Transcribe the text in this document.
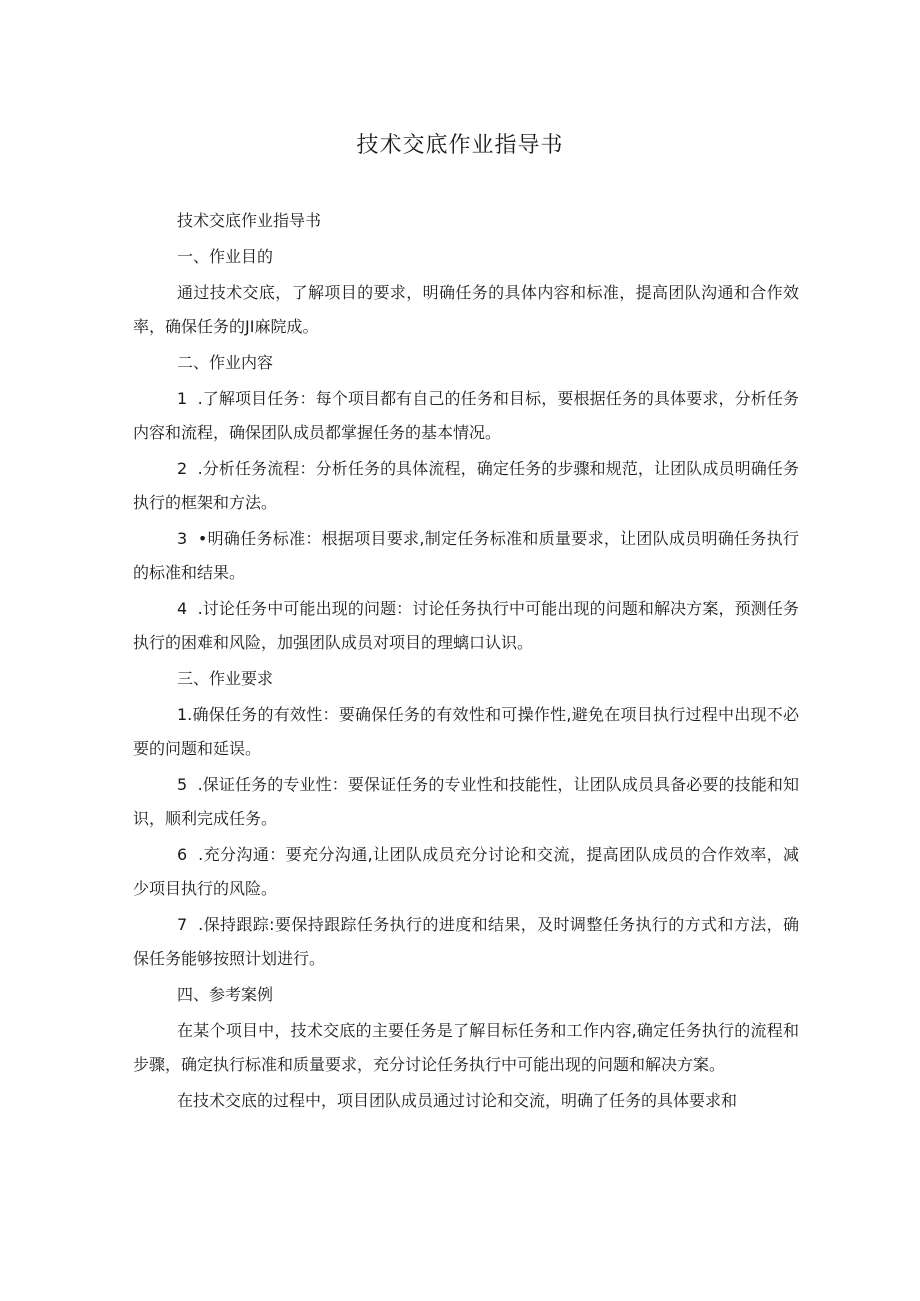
技术交底作业指导书

技术交底作业指导书

一、作业目的

通过技术交底，了解项目的要求，明确任务的具体内容和标准，提高团队沟通和合作效率，确保任务的JI麻院成。

二、作业内容

1  .了解项目任务：每个项目都有自己的任务和目标，要根据任务的具体要求，分析任务内容和流程，确保团队成员都掌握任务的基本情况。

2  .分析任务流程：分析任务的具体流程，确定任务的步骤和规范，让团队成员明确任务执行的框架和方法。

3  •明确任务标准：根据项目要求,制定任务标准和质量要求，让团队成员明确任务执行的标准和结果。

4  .讨论任务中可能出现的问题：讨论任务执行中可能出现的问题和解决方案，预测任务执行的困难和风险，加强团队成员对项目的理螭口认识。

三、作业要求

1.确保任务的有效性：要确保任务的有效性和可操作性,避免在项目执行过程中出现不必要的问题和延误。

5  .保证任务的专业性：要保证任务的专业性和技能性，让团队成员具备必要的技能和知识，顺利完成任务。

6  .充分沟通：要充分沟通,让团队成员充分讨论和交流，提高团队成员的合作效率，减少项目执行的风险。

7  .保持跟踪:要保持跟踪任务执行的进度和结果，及时调整任务执行的方式和方法，确保任务能够按照计划进行。

四、参考案例

在某个项目中，技术交底的主要任务是了解目标任务和工作内容,确定任务执行的流程和步骤，确定执行标准和质量要求，充分讨论任务执行中可能出现的问题和解决方案。

在技术交底的过程中，项目团队成员通过讨论和交流，明确了任务的具体要求和
